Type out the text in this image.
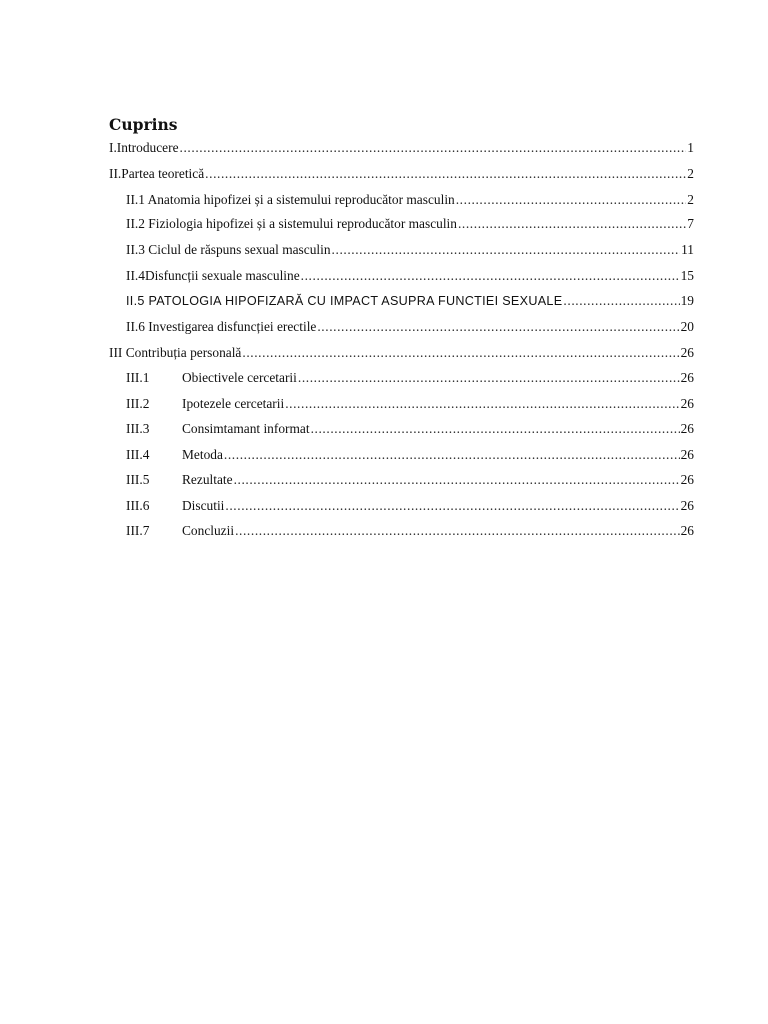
Cuprins
I.Introducere .....	1
II.Partea teoretică .....	2
II.1 Anatomia hipofizei și a sistemului reproducător masculin .....	2
II.2 Fiziologia hipofizei și a sistemului reproducător masculin .....	7
II.3 Ciclul de răspuns sexual masculin .....	11
II.4Disfuncții sexuale masculine .....	15
II.5 PATOLOGIA HIPOFIZARĂ CU IMPACT ASUPRA FUNCTIEI SEXUALE .....	19
II.6 Investigarea disfuncției erectile .....	20
III Contribuția personală .....	26
III.1	Obiectivele cercetarii .....	26
III.2	Ipotezele cercetarii .....	26
III.3	Consimtamant informat .....	26
III.4	Metoda .....	26
III.5	Rezultate .....	26
III.6	Discutii .....	26
III.7	Concluzii .....	26
